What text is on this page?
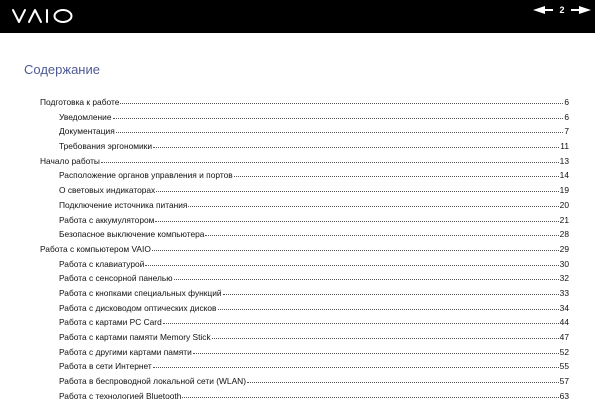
2
Содержание
Подготовка к работе	6
Уведомление	6
Документация	7
Требования эргономики	11
Начало работы	13
Расположение органов управления и портов	14
О световых индикаторах	19
Подключение источника питания	20
Работа с аккумулятором	21
Безопасное выключение компьютера	28
Работа с компьютером VAIO	29
Работа с клавиатурой	30
Работа с сенсорной панелью	32
Работа с кнопками специальных функций	33
Работа с дисководом оптических дисков	34
Работа с картами PC Card	44
Работа с картами памяти Memory Stick	47
Работа с другими картами памяти	52
Работа в сети Интернет	55
Работа в беспроводной локальной сети (WLAN)	57
Работа с технологией Bluetooth	63
